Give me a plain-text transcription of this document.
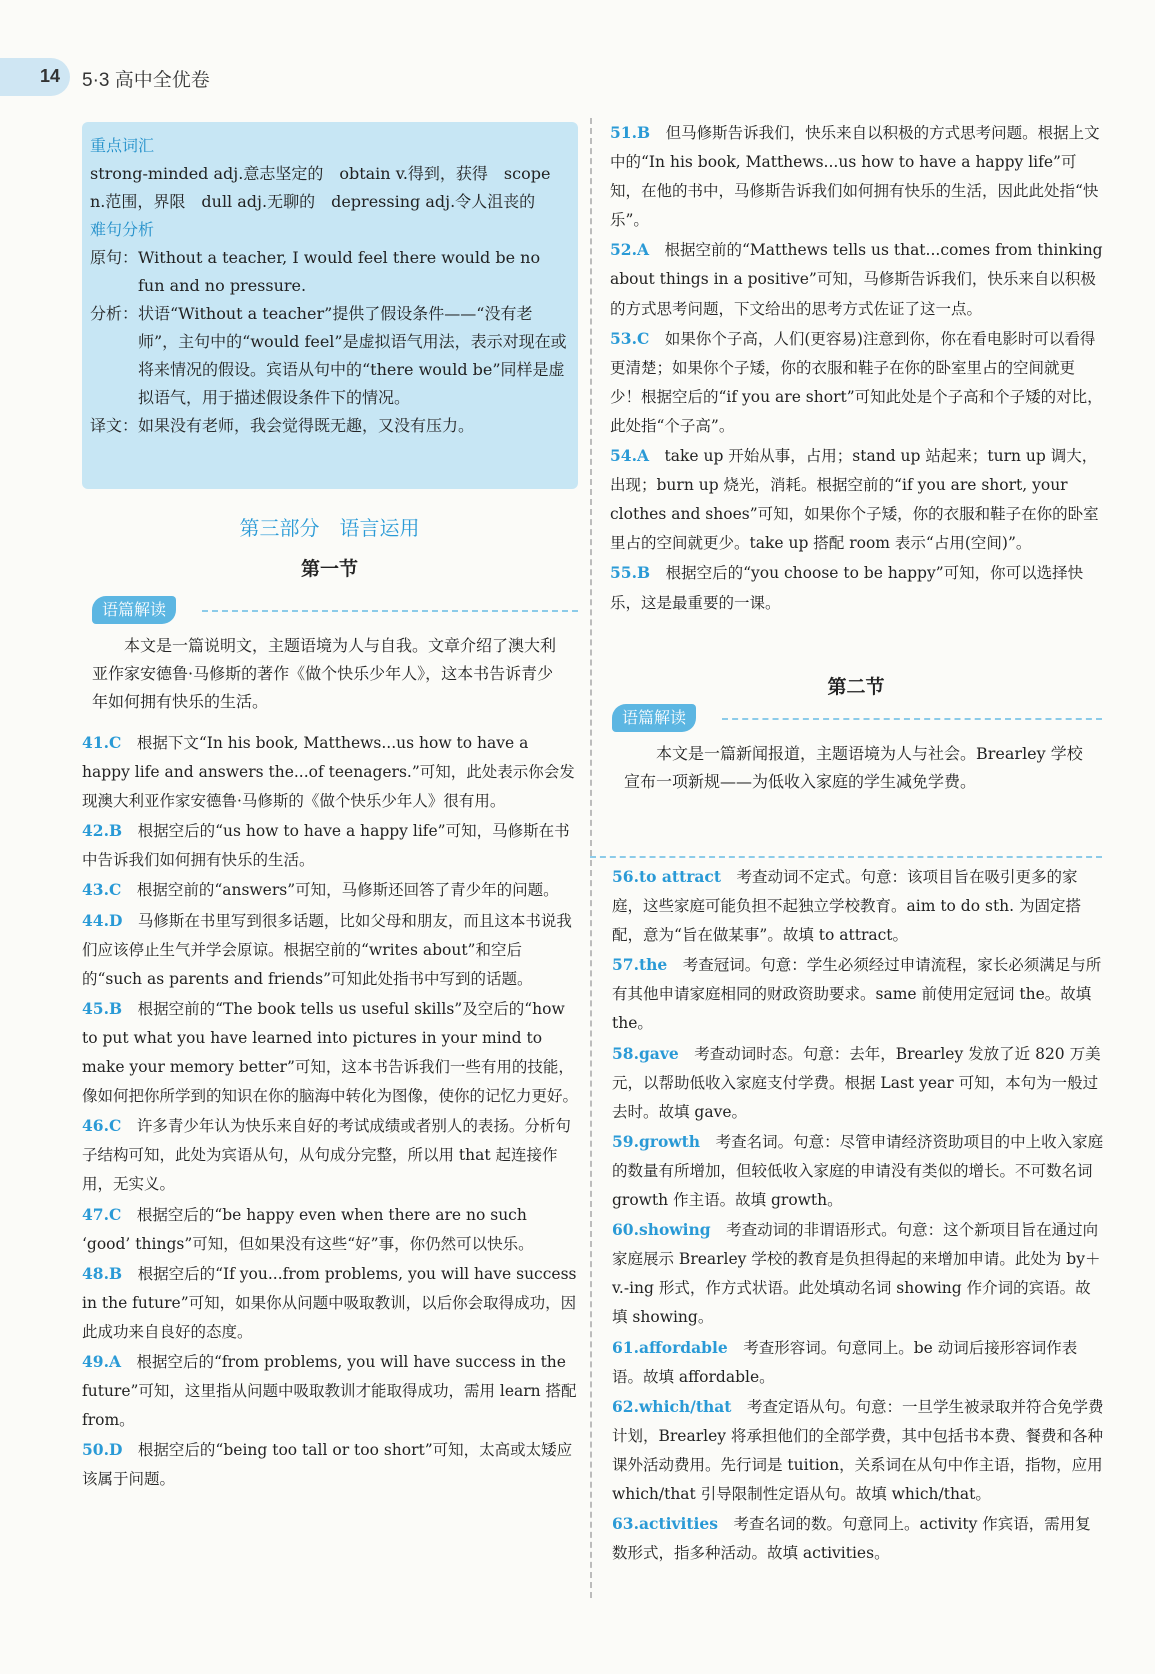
14 5·3 高中全优卷
重点词汇
strong-minded adj.意志坚定的　obtain v.得到，获得　scope n.范围，界限　dull adj.无聊的　depressing adj.令人沮丧的
难句分析
原句： Without a teacher, I would feel there would be no fun and no pressure.
分析： 状语“Without a teacher”提供了假设条件——“没有老师”，主句中的“would feel”是虚拟语气用法，表示对现在或将来情况的假设。宾语从句中的“there would be”同样是虚拟语气，用于描述假设条件下的情况。
译文： 如果没有老师，我会觉得既无趣，又没有压力。
第三部分　语言运用
第一节
语篇解读
本文是一篇说明文，主题语境为人与自我。文章介绍了澳大利亚作家安德鲁·马修斯的著作《做个快乐少年人》，这本书告诉青少年如何拥有快乐的生活。

41.C　根据下文“In his book, Matthews...us how to have a happy life and answers the...of teenagers.”可知，此处表示你会发现澳大利亚作家安德鲁·马修斯的《做个快乐少年人》很有用。

42.B　根据空后的“us how to have a happy life”可知，马修斯在书中告诉我们如何拥有快乐的生活。

43.C　根据空前的“answers”可知，马修斯还回答了青少年的问题。

44.D　马修斯在书里写到很多话题，比如父母和朋友，而且这本书说我们应该停止生气并学会原谅。根据空前的“writes about”和空后的“such as parents and friends”可知此处指书中写到的话题。

45.B　根据空前的“The book tells us useful skills”及空后的“how to put what you have learned into pictures in your mind to make your memory better”可知，这本书告诉我们一些有用的技能，像如何把你所学到的知识在你的脑海中转化为图像，使你的记忆力更好。

46.C　许多青少年认为快乐来自好的考试成绩或者别人的表扬。分析句子结构可知，此处为宾语从句，从句成分完整，所以用 that 起连接作用，无实义。

47.C　根据空后的“be happy even when there are no such ‘good’ things”可知，但如果没有这些“好”事，你仍然可以快乐。

48.B　根据空后的“If you...from problems, you will have success in the future”可知，如果你从问题中吸取教训，以后你会取得成功，因此成功来自良好的态度。

49.A　根据空后的“from problems, you will have success in the future”可知，这里指从问题中吸取教训才能取得成功，需用 learn 搭配 from。

50.D　根据空后的“being too tall or too short”可知，太高或太矮应该属于问题。

51.B　但马修斯告诉我们，快乐来自以积极的方式思考问题。根据上文中的“In his book, Matthews...us how to have a happy life”可知，在他的书中，马修斯告诉我们如何拥有快乐的生活，因此此处指“快乐”。

52.A　根据空前的“Matthews tells us that...comes from thinking about things in a positive”可知，马修斯告诉我们，快乐来自以积极的方式思考问题，下文给出的思考方式佐证了这一点。

53.C　如果你个子高，人们(更容易)注意到你，你在看电影时可以看得更清楚；如果你个子矮，你的衣服和鞋子在你的卧室里占的空间就更少！根据空后的“if you are short”可知此处是个子高和个子矮的对比，此处指“个子高”。

54.A　take up 开始从事，占用；stand up 站起来；turn up 调大，出现；burn up 烧光，消耗。根据空前的“if you are short, your clothes and shoes”可知，如果你个子矮，你的衣服和鞋子在你的卧室里占的空间就更少。take up 搭配 room 表示“占用(空间)”。

55.B　根据空后的“you choose to be happy”可知，你可以选择快乐，这是最重要的一课。

第二节
语篇解读
本文是一篇新闻报道，主题语境为人与社会。Brearley 学校宣布一项新规——为低收入家庭的学生减免学费。

56.to attract　考查动词不定式。句意：该项目旨在吸引更多的家庭，这些家庭可能负担不起独立学校教育。aim to do sth. 为固定搭配，意为“旨在做某事”。故填 to attract。

57.the　考查冠词。句意：学生必须经过申请流程，家长必须满足与所有其他申请家庭相同的财政资助要求。same 前使用定冠词 the。故填 the。

58.gave　考查动词时态。句意：去年，Brearley 发放了近 820 万美元，以帮助低收入家庭支付学费。根据 Last year 可知，本句为一般过去时。故填 gave。

59.growth　考查名词。句意：尽管申请经济资助项目的中上收入家庭的数量有所增加，但较低收入家庭的申请没有类似的增长。不可数名词 growth 作主语。故填 growth。

60.showing　考查动词的非谓语形式。句意：这个新项目旨在通过向家庭展示 Brearley 学校的教育是负担得起的来增加申请。此处为 by＋v.-ing 形式，作方式状语。此处填动名词 showing 作介词的宾语。故填 showing。

61.affordable　考查形容词。句意同上。be 动词后接形容词作表语。故填 affordable。

62.which/that　考查定语从句。句意：一旦学生被录取并符合免学费计划，Brearley 将承担他们的全部学费，其中包括书本费、餐费和各种课外活动费用。先行词是 tuition，关系词在从句中作主语，指物，应用 which/that 引导限制性定语从句。故填 which/that。

63.activities　考查名词的数。句意同上。activity 作宾语，需用复数形式，指多种活动。故填 activities。
